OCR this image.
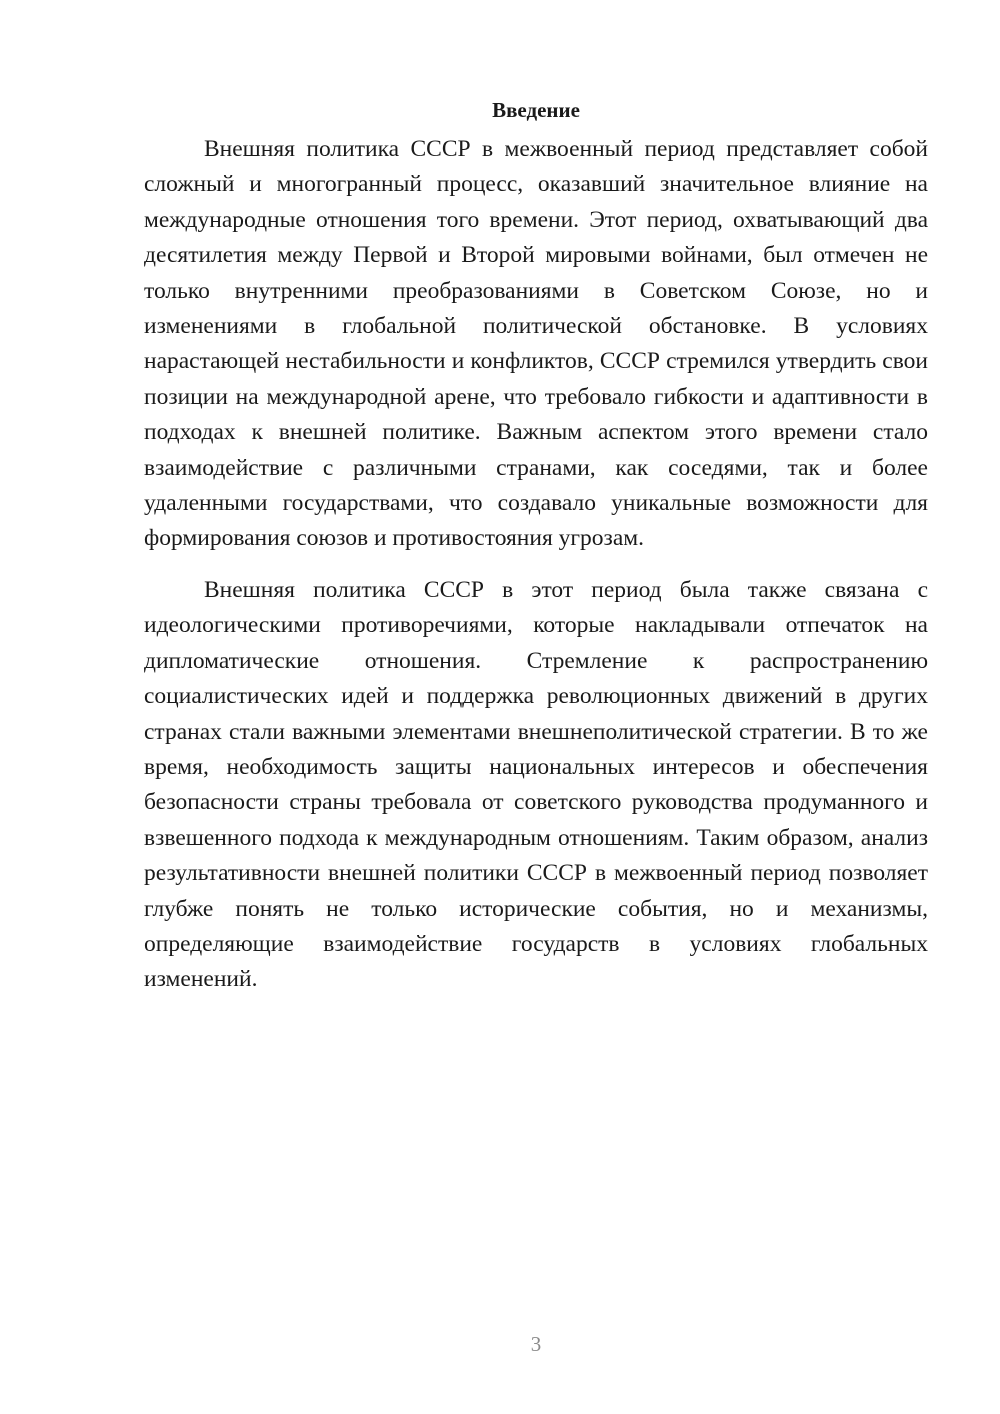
Введение

Внешняя политика СССР в межвоенный период представляет собой сложный и многогранный процесс, оказавший значительное влияние на международные отношения того времени. Этот период, охватывающий два десятилетия между Первой и Второй мировыми войнами, был отмечен не только внутренними преобразованиями в Советском Союзе, но и изменениями в глобальной политической обстановке. В условиях нарастающей нестабильности и конфликтов, СССР стремился утвердить свои позиции на международной арене, что требовало гибкости и адаптивности в подходах к внешней политике. Важным аспектом этого времени стало взаимодействие с различными странами, как соседями, так и более удаленными государствами, что создавало уникальные возможности для формирования союзов и противостояния угрозам.

Внешняя политика СССР в этот период была также связана с идеологическими противоречиями, которые накладывали отпечаток на дипломатические отношения. Стремление к распространению социалистических идей и поддержка революционных движений в других странах стали важными элементами внешнеполитической стратегии. В то же время, необходимость защиты национальных интересов и обеспечения безопасности страны требовала от советского руководства продуманного и взвешенного подхода к международным отношениям. Таким образом, анализ результативности внешней политики СССР в межвоенный период позволяет глубже понять не только исторические события, но и механизмы, определяющие взаимодействие государств в условиях глобальных изменений.

3
